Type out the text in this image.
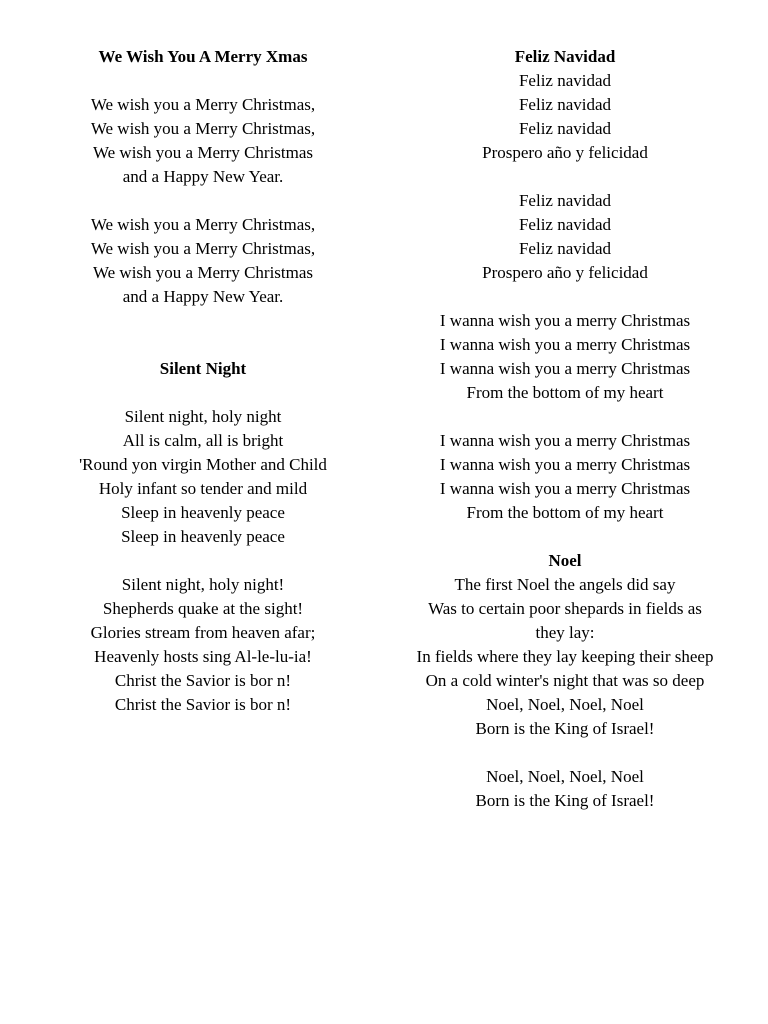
We Wish You A Merry Xmas
We wish you a Merry Christmas,
We wish you a Merry Christmas,
We wish you a Merry Christmas
and a Happy New Year.
We wish you a Merry Christmas,
We wish you a Merry Christmas,
We wish you a Merry Christmas
and a Happy New Year.
Silent Night
Silent night, holy night
All is calm, all is bright
'Round yon virgin Mother and Child
Holy infant so tender and mild
Sleep in heavenly peace
Sleep in heavenly peace
Silent night, holy night!
Shepherds quake at the sight!
Glories stream from heaven afar;
Heavenly hosts sing Al-le-lu-ia!
Christ the Savior is bor n!
Christ the Savior is bor n!
Feliz Navidad
Feliz navidad
Feliz navidad
Feliz navidad
Prospero año y felicidad
Feliz navidad
Feliz navidad
Feliz navidad
Prospero año y felicidad
I wanna wish you a merry Christmas
I wanna wish you a merry Christmas
I wanna wish you a merry Christmas
From the bottom of my heart
I wanna wish you a merry Christmas
I wanna wish you a merry Christmas
I wanna wish you a merry Christmas
From the bottom of my heart
Noel
The first Noel the angels did say
Was to certain poor shepards in fields as
they lay:
In fields where they lay keeping their sheep
On a cold winter's night that was so deep
Noel, Noel, Noel, Noel
Born is the King of Israel!
Noel, Noel, Noel, Noel
Born is the King of Israel!
